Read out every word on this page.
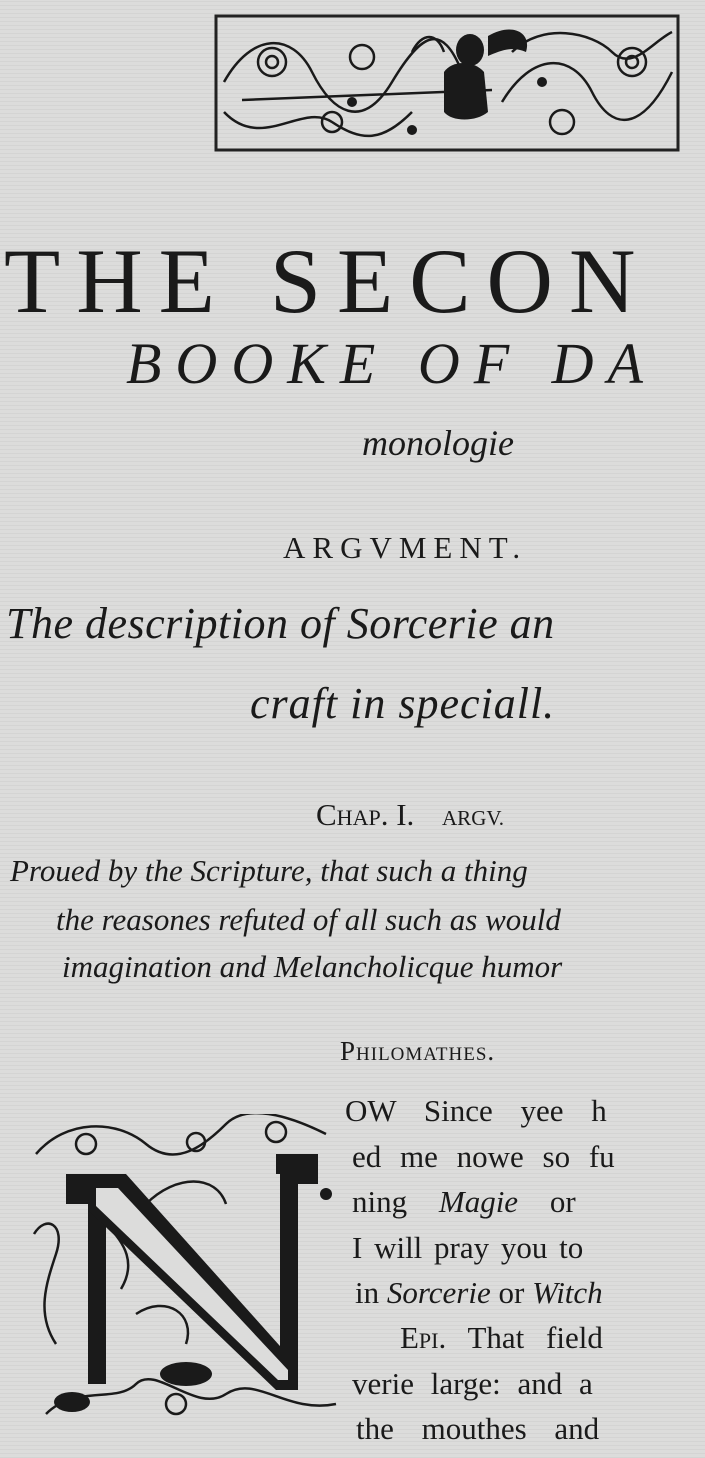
THE SECON
BOOKE OF DA
monologie
ARGVMENT.
The description of Sorcerie an
craft in speciall.
Chap. I. ARGV.
Proued by the Scripture, that such a thing
the reasones refuted of all such as would
imagination and Melancholicque humor
Philomathes.
OW Since yee h
ed me nowe so fu
ning Magie or
I will pray you to
in Sorcerie or Witch
Epi. That field
verie large: and a
the mouthes and
